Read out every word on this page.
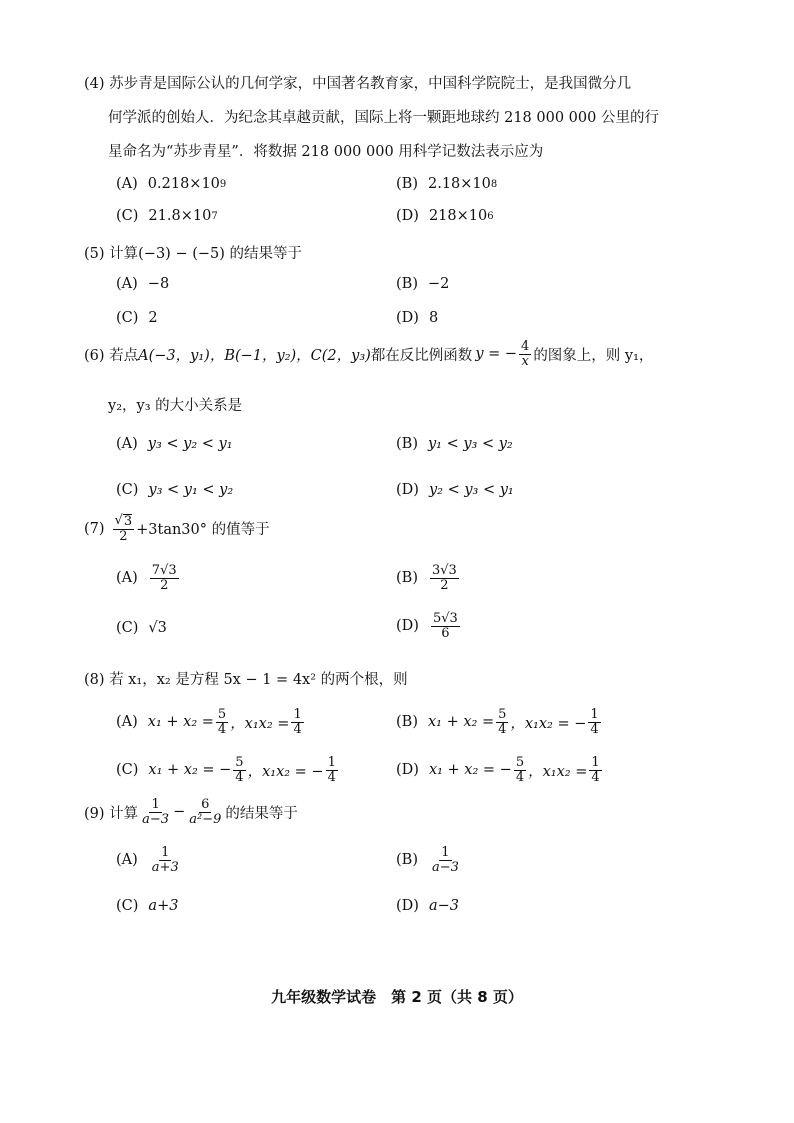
(4) 苏步青是国际公认的几何学家，中国著名教育家，中国科学院院士，是我国微分几
何学派的创始人．为纪念其卓越贡献，国际上将一颗距地球约 218 000 000 公里的行
星命名为“苏步青星”．将数据 218 000 000 用科学记数法表示应为
(A) 0.218×10 9	(B) 2.18×10 8
(C) 21.8×10 7	(D) 218×10 6
(5) 计算(−3) − (−5) 的结果等于
(A) −8	(B) −2
(C) 2	(D) 8
(6) 若点 A(−3，y₁)，B(−1，y₂)，C(2，y₃) 都在反比例函数 y = − $\frac{4}{x}$ 的图象上，则 y₁，
y₂，y₃ 的大小关系是
(A) y₃ < y₂ < y₁	(B) y₁ < y₃ < y₂
(C) y₃ < y₁ < y₂	(D) y₂ < y₃ < y₁
$(7) \frac{√ 3}{2} +3\tan 30^\circ$ 的值等于
$(A) \frac{7√3}{2}$	$(B) \frac{3√3}{2}$
(C) √3	$(D) \frac{5√3}{6}$
(8) 若 x₁，x₂ 是方程 5x − 1 = 4x² 的两个根，则
(A) $x_1 + x_2 = \frac{5}{4}$ ，$x_1x_2 = \frac{1}{4}$	(B) $x_1 + x_2 = \frac{5}{4}$ ，x₁x₂ = − $\frac{1}{4}$
(C) x₁ + x₂ = − $\frac{5}{4}$ ，x₁x₂ = − $\frac{1}{4}$	(D) x₁ + x₂ = − $\frac{5}{4}$ ，$x_1x_2 = \frac{1}{4}$
(9) 计算 $\frac{1}{a-3} - \frac{6}{\text{a²−9}}$ 的结果等于
$(A) \frac{1}{a+3}$	$(B) \frac{1}{a-3}$
(C) a+3	(D) a−3
九年级数学试卷　第 2 页（共 8 页）
